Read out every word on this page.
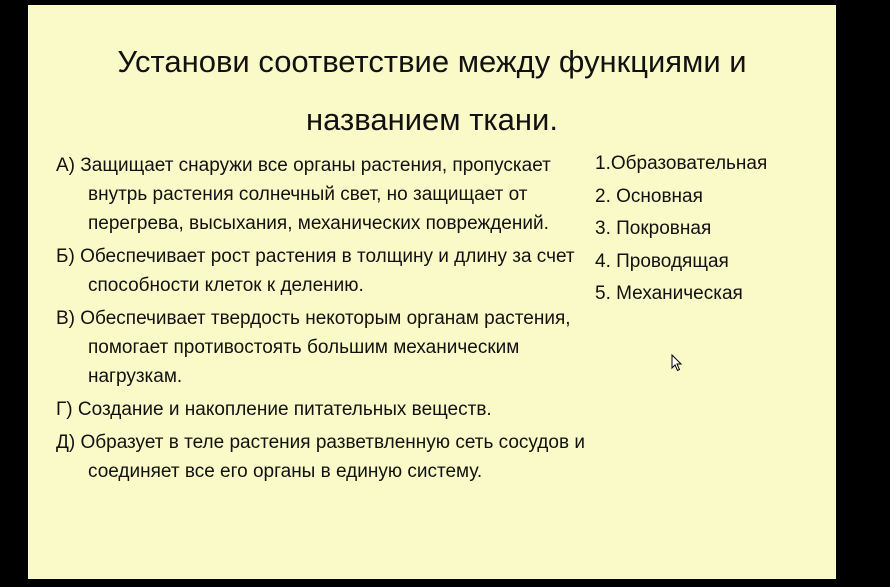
Установи соответствие между функциями и
названием ткани.
А) Защищает снаружи все органы растения, пропускает внутрь растения солнечный свет, но защищает от перегрева, высыхания, механических повреждений.
Б) Обеспечивает рост растения в толщину и длину за счет способности клеток к делению.
В) Обеспечивает твердость некоторым органам растения, помогает противостоять большим механическим нагрузкам.
Г) Создание и накопление питательных веществ.
Д) Образует в теле растения разветвленную сеть сосудов и соединяет все его органы в единую систему.
1.Образовательная
2. Основная
3. Покровная
4. Проводящая
5. Механическая
